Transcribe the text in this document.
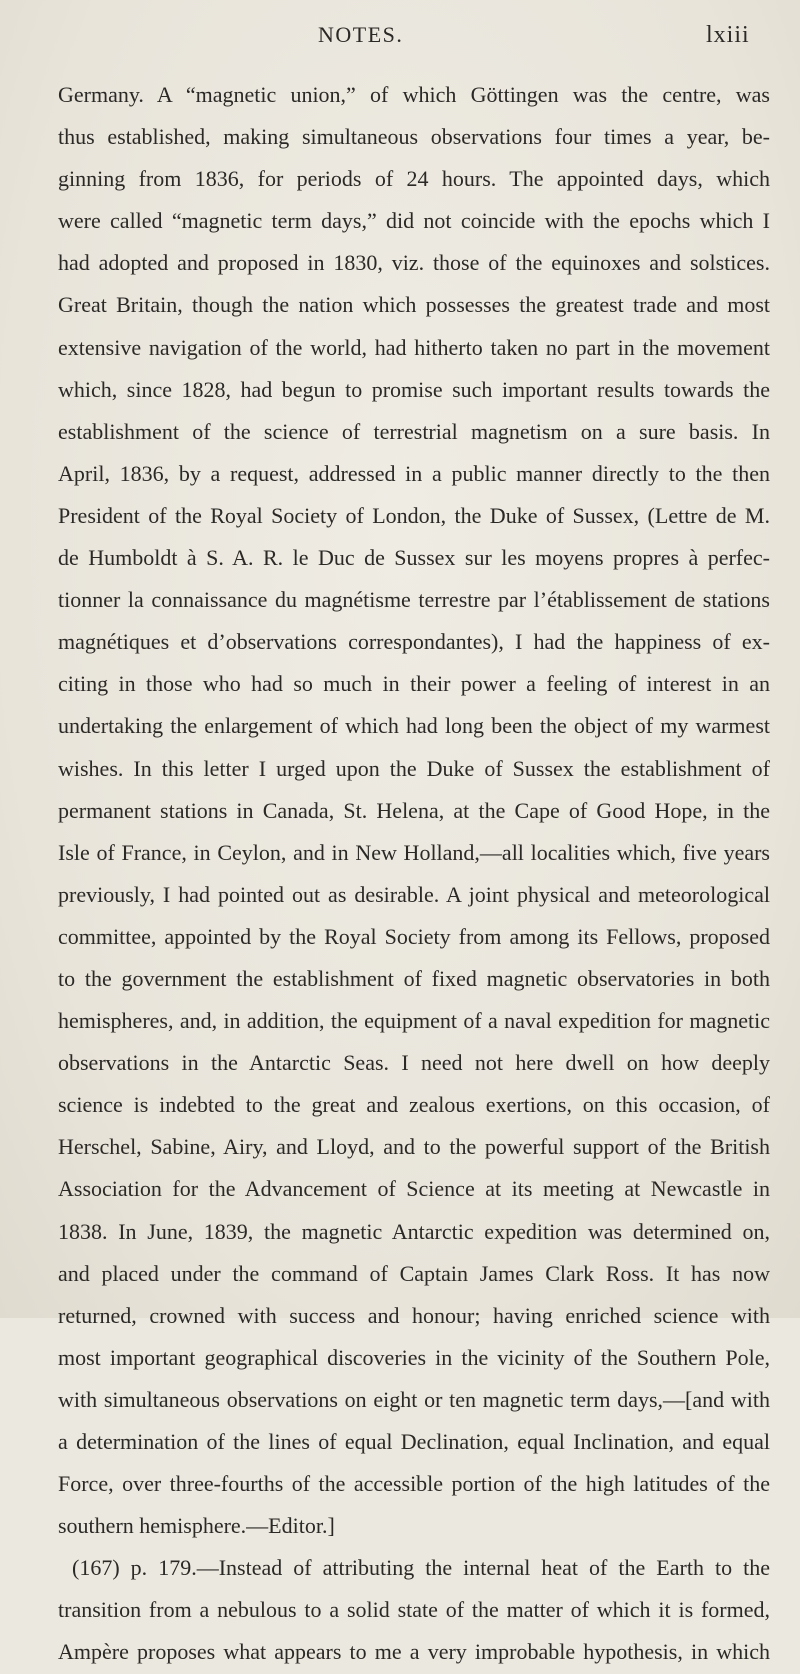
NOTES.	lxiii
Germany. A “magnetic union,” of which Göttingen was the centre, was
thus established, making simultaneous observations four times a year, be-
ginning from 1836, for periods of 24 hours. The appointed days, which
were called “magnetic term days,” did not coincide with the epochs which I
had adopted and proposed in 1830, viz. those of the equinoxes and solstices.
Great Britain, though the nation which possesses the greatest trade and most
extensive navigation of the world, had hitherto taken no part in the movement
which, since 1828, had begun to promise such important results towards the
establishment of the science of terrestrial magnetism on a sure basis. In
April, 1836, by a request, addressed in a public manner directly to the then
President of the Royal Society of London, the Duke of Sussex, (Lettre de M.
de Humboldt à S. A. R. le Duc de Sussex sur les moyens propres à perfec-
tionner la connaissance du magnétisme terrestre par l’établissement de stations
magnétiques et d’observations correspondantes), I had the happiness of ex-
citing in those who had so much in their power a feeling of interest in an
undertaking the enlargement of which had long been the object of my warmest
wishes. In this letter I urged upon the Duke of Sussex the establishment of
permanent stations in Canada, St. Helena, at the Cape of Good Hope, in the
Isle of France, in Ceylon, and in New Holland,—all localities which, five years
previously, I had pointed out as desirable. A joint physical and meteorological
committee, appointed by the Royal Society from among its Fellows, proposed
to the government the establishment of fixed magnetic observatories in both
hemispheres, and, in addition, the equipment of a naval expedition for magnetic
observations in the Antarctic Seas. I need not here dwell on how deeply
science is indebted to the great and zealous exertions, on this occasion, of
Herschel, Sabine, Airy, and Lloyd, and to the powerful support of the British
Association for the Advancement of Science at its meeting at Newcastle in
1838. In June, 1839, the magnetic Antarctic expedition was determined on,
and placed under the command of Captain James Clark Ross. It has now
returned, crowned with success and honour; having enriched science with
most important geographical discoveries in the vicinity of the Southern Pole,
with simultaneous observations on eight or ten magnetic term days,—[and with
a determination of the lines of equal Declination, equal Inclination, and equal
Force, over three-fourths of the accessible portion of the high latitudes of the
southern hemisphere.—Editor.]
(167) p. 179.—Instead of attributing the internal heat of the Earth to the
transition from a nebulous to a solid state of the matter of which it is formed,
Ampère proposes what appears to me a very improbable hypothesis, in which
